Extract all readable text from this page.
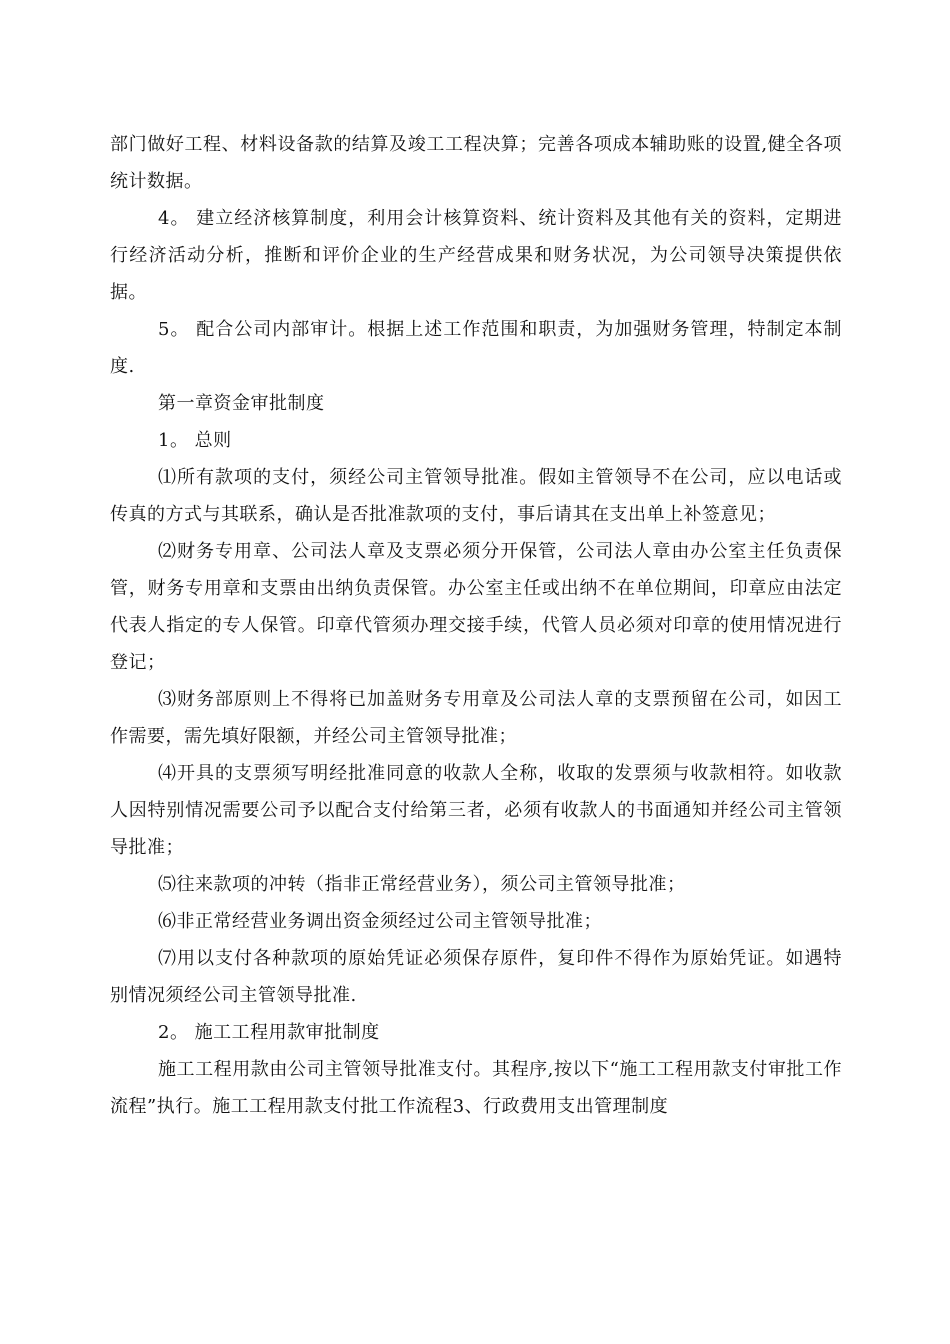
部门做好工程、材料设备款的结算及竣工工程决算；完善各项成本辅助账的设置,健全各项统计数据。

4。 建立经济核算制度，利用会计核算资料、统计资料及其他有关的资料，定期进行经济活动分析，推断和评价企业的生产经营成果和财务状况，为公司领导决策提供依据。

5。 配合公司内部审计。根据上述工作范围和职责，为加强财务管理，特制定本制度.

第一章资金审批制度

1。 总则

⑴所有款项的支付，须经公司主管领导批准。假如主管领导不在公司，应以电话或传真的方式与其联系，确认是否批准款项的支付，事后请其在支出单上补签意见；

⑵财务专用章、公司法人章及支票必须分开保管，公司法人章由办公室主任负责保管，财务专用章和支票由出纳负责保管。办公室主任或出纳不在单位期间，印章应由法定代表人指定的专人保管。印章代管须办理交接手续，代管人员必须对印章的使用情况进行登记；

⑶财务部原则上不得将已加盖财务专用章及公司法人章的支票预留在公司，如因工作需要，需先填好限额，并经公司主管领导批准；

⑷开具的支票须写明经批准同意的收款人全称，收取的发票须与收款相符。如收款人因特别情况需要公司予以配合支付给第三者，必须有收款人的书面通知并经公司主管领导批准；

⑸往来款项的冲转（指非正常经营业务），须公司主管领导批准；

⑹非正常经营业务调出资金须经过公司主管领导批准；

⑺用以支付各种款项的原始凭证必须保存原件，复印件不得作为原始凭证。如遇特别情况须经公司主管领导批准.

2。 施工工程用款审批制度

施工工程用款由公司主管领导批准支付。其程序,按以下“施工工程用款支付审批工作流程”执行。施工工程用款支付批工作流程3、行政费用支出管理制度
